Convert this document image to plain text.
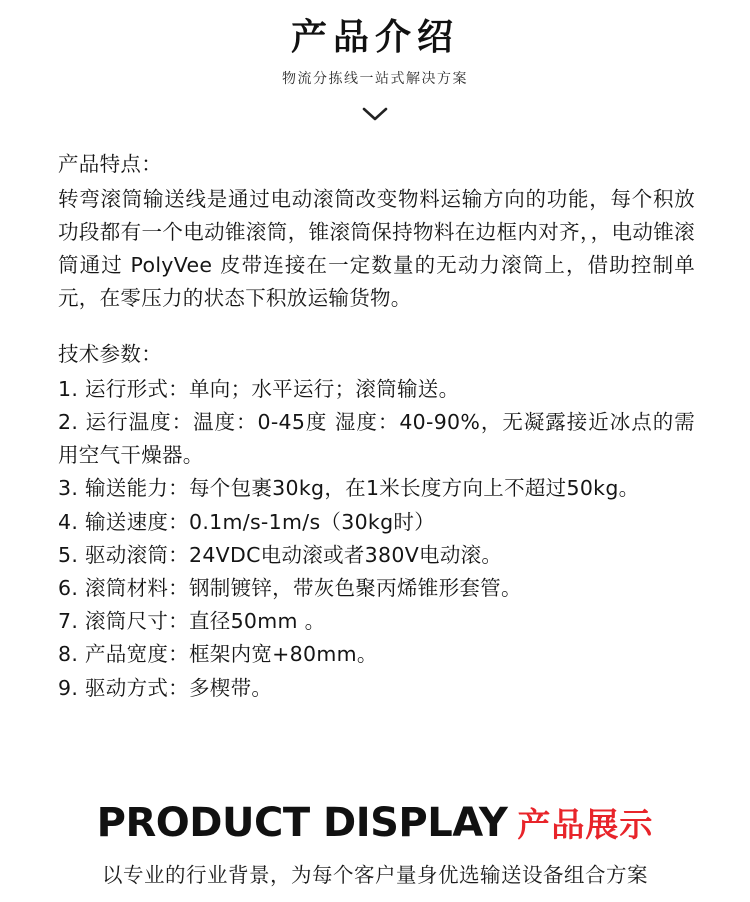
产品介绍
物流分拣线一站式解决方案
产品特点：
转弯滚筒输送线是通过电动滚筒改变物料运输方向的功能，每个积放功段都有一个电动锥滚筒，锥滚筒保持物料在边框内对齐，，电动锥滚筒通过 PolyVee 皮带连接在一定数量的无动力滚筒上，借助控制单元，在零压力的状态下积放运输货物。
技术参数：
1. 运行形式：单向；水平运行；滚筒输送。
2. 运行温度：温度：0-45度 湿度：40-90%，无凝露接近冰点的需用空气干燥器。
3. 输送能力：每个包裹30kg，在1米长度方向上不超过50kg。
4. 输送速度：0.1m/s-1m/s（30kg时）
5. 驱动滚筒：24VDC电动滚或者380V电动滚。
6. 滚筒材料：钢制镀锌，带灰色聚丙烯锥形套管。
7. 滚筒尺寸：直径50mm 。
8. 产品宽度：框架内宽+80mm。
9. 驱动方式：多楔带。
PRODUCT DISPLAY 产品展示
以专业的行业背景，为每个客户量身优选输送设备组合方案
